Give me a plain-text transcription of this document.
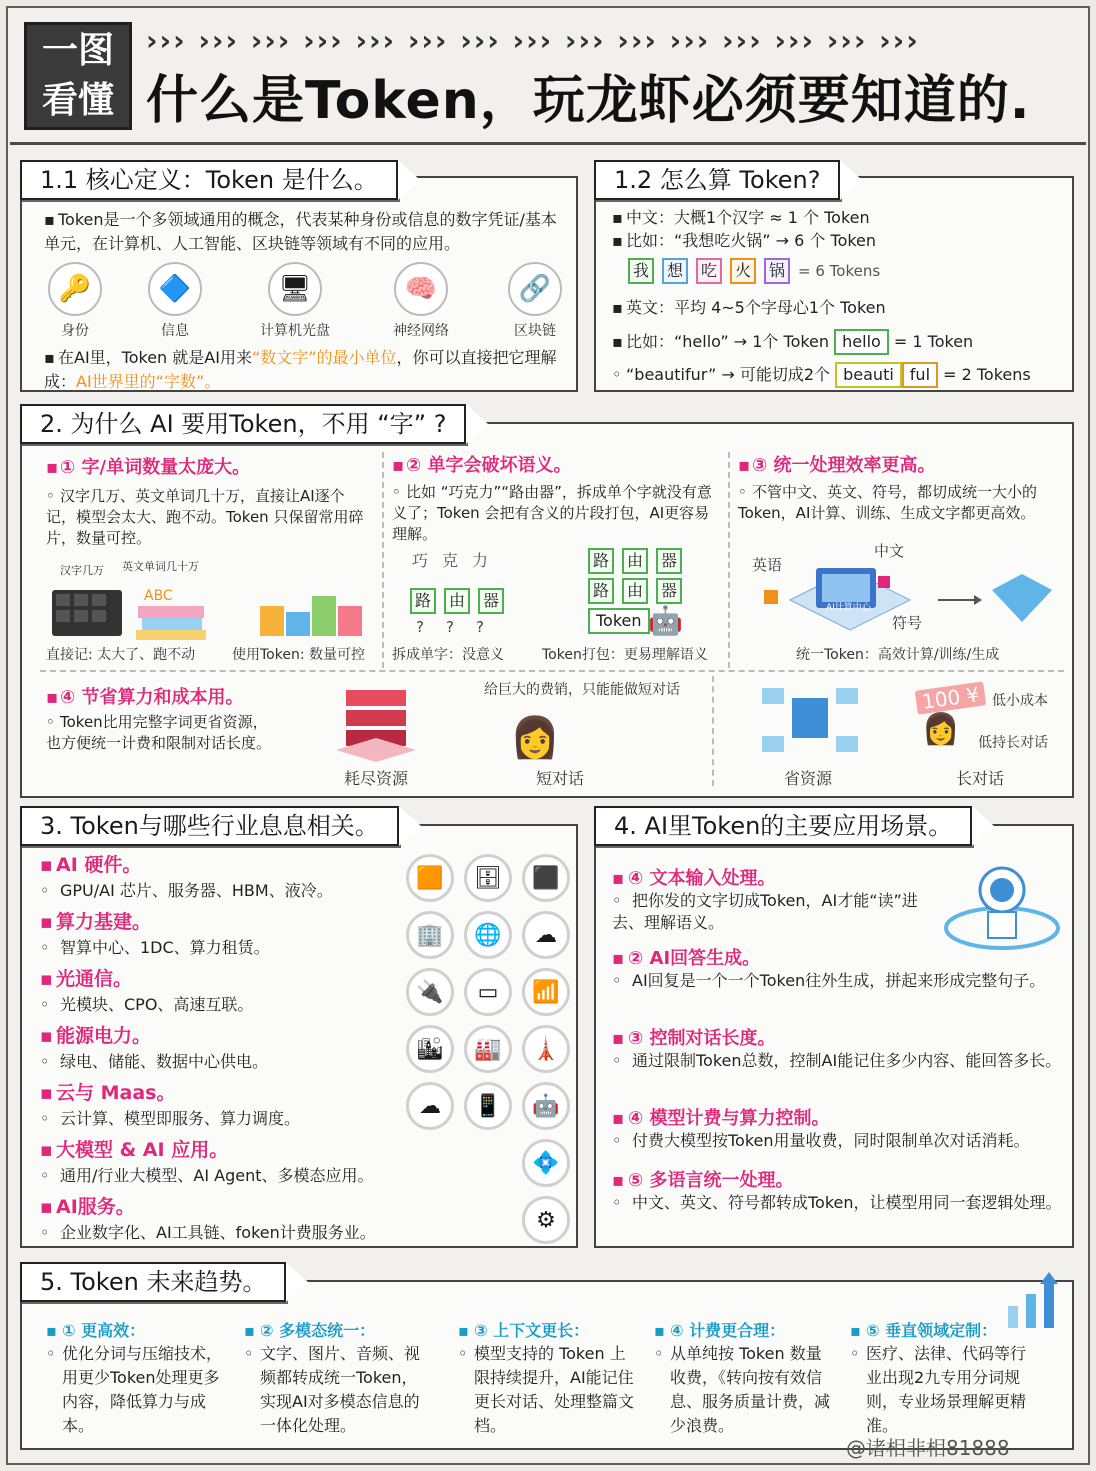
一图
看懂
››› ››› ››› ››› ››› ››› ››› ››› ››› ››› ››› ››› ››› ››› ›››
什么是Token，玩龙虾必须要知道的.
1.1 核心定义：Token 是什么。
▪ Token是一个多领域通用的概念，代表某种身份或信息的数字凭证/基本单元，在计算机、人工智能、区块链等领域有不同的应用。
🔑
身份
🔷
信息
🖥
计算机光盘
🧠
神经网络
🔗
区块链
▪ 在AI里，Token 就是AI用来“数文字”的最小单位，你可以直接把它理解成：AI世界里的“字数”。
1.2 怎么算 Token?
▪ 中文：大概1个汉字 ≈ 1 个 Token
▪ 比如：“我想吃火锅” → 6 个 Token
我 想 吃 火 锅 = 6 Tokens
▪ 英文：平均 4~5个字母心1个 Token
▪ 比如：“hello” → 1个 Token hello = 1 Token
◦ “beautifur” → 可能切成2个 beauti ful = 2 Tokens
2. 为什么 AI 要用Token，不用 “字” ?
▪① 字/单词数量太庞大。
◦ 汉字几万、英文单词几十万，直接让AI逐个记，模型会太大、跑不动。Token 只保留常用碎片，数量可控。
汉字几万 英文单词几十万
ABC
直接记: 太大了、跑不动	使用Token: 数量可控
▪② 单字会破坏语义。
◦ 比如 “巧克力”“路由器”，拆成单个字就没有意义了；Token 会把有含义的片段打包，AI更容易理解。
巧克力
路 由 器
???
路 由 器
路 由 器
Token 🤖
拆成单字：没意义	Token打包：更易理解语义
▪③ 统一处理效率更高。
◦ 不管中文、英文、符号，都切成统一大小的Token，AI计算、训练、生成文字都更高效。
英语
中文
符号
AI计算中心
统一Token：高效计算/训练/生成
▪④ 节省算力和成本用。
◦ Token比用完整字词更省资源，也方便统一计费和限制对话长度。
给巨大的费销，只能能做短对话
👩
耗尽资源	短对话
100 ¥
👩
低小成本
低持长对话
省资源	长对话
3. Token与哪些行业息息相关。
▪ AI 硬件。
◦ GPU/AI 芯片、服务器、HBM、液冷。	🟧	🗄	⬛
▪ 算力基建。
◦ 智算中心、1DC、算力租赁。	🏢	🌐	☁
▪ 光通信。
◦ 光模块、CPO、高速互联。	🔌	▭	📶
▪ 能源电力。
◦ 绿电、储能、数据中心供电。	🏙	🏭	🗼
▪ 云与 Maas。
◦ 云计算、模型即服务、算力调度。	☁	📱	🤖
▪ 大模型 & AI 应用。
◦ 通用/行业大模型、AI Agent、多模态应用。	💠
▪ AI服务。
◦ 企业数字化、AI工具链、foken计费服务业。	⚙
4. AI里Token的主要应用场景。
▪ ④ 文本输入处理。
◦ 把你发的文字切成Token，AI才能“读”进去、理解语义。
▪ ② AI回答生成。
◦ AI回复是一个一个Token往外生成，拼起来形成完整句子。
▪ ③ 控制对话长度。
◦ 通过限制Token总数，控制AI能记住多少内容、能回答多长。
▪ ④ 模型计费与算力控制。
◦ 付费大模型按Token用量收费，同时限制单次对话消耗。
▪ ⑤ 多语言统一处理。
◦ 中文、英文、符号都转成Token，让模型用同一套逻辑处理。
5. Token 未来趋势。
▪ ① 更高效：
◦ 优化分词与压缩技术，用更少Token处理更多内容，降低算力与成本。
▪ ② 多模态统一：
◦ 文字、图片、音频、视频都转成统一Token，实现AI对多模态信息的一体化处理。
▪ ③ 上下文更长：
◦ 模型支持的 Token 上限持续提升，AI能记住更长对话、处理整篇文档。
▪ ④ 计费更合理：
◦ 从单纯按 Token 数量收费，《转向按有效信息、服务质量计费，减少浪费。
▪ ⑤ 垂直领域定制：
◦ 医疗、法律、代码等行业出现2九专用分词规则，专业场景理解更精准。
@诸相非相81888
